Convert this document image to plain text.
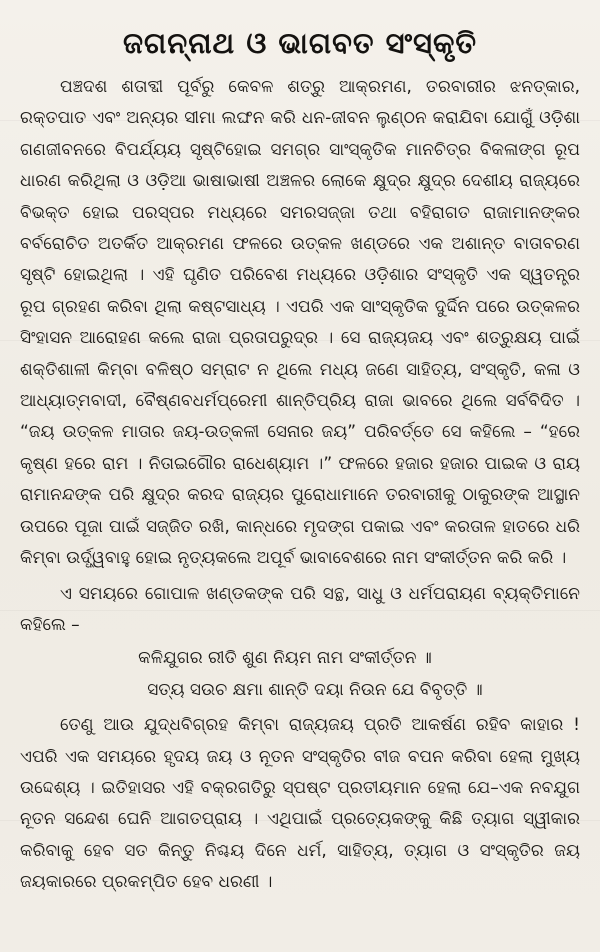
ଜଗନ୍ନାଥ ଓ ଭାଗବତ ସଂସ୍କୃତି

ପଞ୍ଚଦଶ ଶତାବ୍ଦୀ ପୂର୍ବରୁ କେବଳ ଶତ୍ରୁ ଆକ୍ରମଣ, ତରବାରୀର ଝନତ୍କାର, ରକ୍ତପାତ ଏବଂ ଅନ୍ୟର ସୀମା ଲଙ୍ଘନ କରି ଧନ-ଜୀବନ ଲୁଣ୍ଠନ କରାଯିବା ଯୋଗୁଁ ଓଡ଼ିଶା ଗଣଜୀବନରେ ବିପର୍ଯ୍ୟୟ ସୃଷ୍ଟିହୋଇ ସମଗ୍ର ସାଂସ୍କୃତିକ ମାନଚିତ୍ର ବିକଳାଙ୍ଗ ରୂପ ଧାରଣ କରିଥିଲା ଓ ଓଡ଼ିଆ ଭାଷାଭାଷୀ ଅଞ୍ଚଳର ଲୋକେ କ୍ଷୁଦ୍ର କ୍ଷୁଦ୍ର ଦେଶୀୟ ରାଜ୍ୟରେ ବିଭକ୍ତ ହୋଇ ପରସ୍ପର ମଧ୍ୟରେ ସମରସଜ୍ଜା ତଥା ବହିରାଗତ ରାଜାମାନଙ୍କର ବର୍ବରୋଚିତ ଅତର୍କିତ ଆକ୍ରମଣ ଫଳରେ ଉତ୍କଳ ଖଣ୍ଡରେ ଏକ ଅଶାନ୍ତ ବାତାବରଣ ସୃଷ୍ଟି ହୋଇଥିଲା । ଏହି ଘୃଣିତ ପରିବେଶ ମଧ୍ୟରେ ଓଡ଼ିଶାର ସଂସ୍କୃତି ଏକ ସ୍ୱତନ୍ତ୍ର ରୂପ ଗ୍ରହଣ କରିବା ଥିଲା କଷ୍ଟସାଧ୍ୟ । ଏପରି ଏକ ସାଂସ୍କୃତିକ ଦୁର୍ଦ୍ଦିନ ପରେ ଉତ୍କଳର ସିଂହାସନ ଆରୋହଣ କଲେ ରାଜା ପ୍ରତାପରୁଦ୍ର । ସେ ରାଜ୍ୟଜୟ ଏବଂ ଶତ୍ରୁକ୍ଷୟ ପାଇଁ ଶକ୍ତିଶାଳୀ କିମ୍ବା ବଳିଷ୍ଠ ସମ୍ରାଟ ନ ଥିଲେ ମଧ୍ୟ ଜଣେ ସାହିତ୍ୟ, ସଂସ୍କୃତି, କଳା ଓ ଆଧ୍ୟାତ୍ମବାଦୀ, ବୈଷ୍ଣବଧର୍ମପ୍ରେମୀ ଶାନ୍ତିପ୍ରିୟ ରାଜା ଭାବରେ ଥିଲେ ସର୍ବବିଦିତ । “ଜୟ ଉତ୍କଳ ମାତାର ଜୟ-ଉତ୍କଳୀ ସେନାର ଜୟ” ପରିବର୍ତ୍ତେ ସେ କହିଲେ – “ହରେ କୃଷ୍ଣ ହରେ ରାମ । ନିତାଇଗୌର ରାଧେଶ୍ୟାମ ।” ଫଳରେ ହଜାର ହଜାର ପାଇକ ଓ ରାୟ ରାମାନନ୍ଦଙ୍କ ପରି କ୍ଷୁଦ୍ର କରଦ ରାଜ୍ୟର ପୁରୋଧାମାନେ ତରବାରୀକୁ ଠାକୁରଙ୍କ ଆସ୍ଥାନ ଉପରେ ପୂଜା ପାଇଁ ସଜ୍ଜିତ ରଖି, କାନ୍ଧରେ ମୃଦଙ୍ଗ ପକାଇ ଏବଂ କରତାଳ ହାତରେ ଧରି କିମ୍ବା ଉର୍ଦ୍ଧ୍ୱବାହୁ ହୋଇ ନୃତ୍ୟକଲେ ଅପୂର୍ବ ଭାବାବେଶରେ ନାମ ସଂକୀର୍ତ୍ତନ କରି କରି ।

ଏ ସମୟରେ ଗୋପାଳ ଖଣ୍ଡକଙ୍କ ପରି ସନ୍ଥ, ସାଧୁ ଓ ଧର୍ମପରାୟଣ ବ୍ୟକ୍ତିମାନେ କହିଲେ –

କଳିଯୁଗର ରୀତି ଶୁଣ ନିୟମ ନାମ ସଂକୀର୍ତ୍ତନ ॥

ସତ୍ୟ ସଉଚ କ୍ଷମା ଶାନ୍ତି ଦୟା ନିଉନ ଯେ ବିବୃତ୍ତି ॥

ତେଣୁ ଆଉ ଯୁଦ୍ଧବିଗ୍ରହ କିମ୍ବା ରାଜ୍ୟଜୟ ପ୍ରତି ଆକର୍ଷଣ ରହିବ କାହାର ! ଏପରି ଏକ ସମୟରେ ହୃଦୟ ଜୟ ଓ ନୂତନ ସଂସ୍କୃତିର ବୀଜ ବପନ କରିବା ହେଲା ମୁଖ୍ୟ ଉଦ୍ଦେଶ୍ୟ । ଇତିହାସର ଏହି ବକ୍ରଗତିରୁ ସ୍ପଷ୍ଟ ପ୍ରତୀୟମାନ ହେଲା ଯେ–ଏକ ନବଯୁଗ ନୂତନ ସନ୍ଦେଶ ଘେନି ଆଗତପ୍ରାୟ । ଏଥିପାଇଁ ପ୍ରତ୍ୟେକଙ୍କୁ କିଛି ତ୍ୟାଗ ସ୍ୱୀକାର କରିବାକୁ ହେବ ସତ କିନ୍ତୁ ନିଶ୍ଚୟ ଦିନେ ଧର୍ମ, ସାହିତ୍ୟ, ତ୍ୟାଗ ଓ ସଂସ୍କୃତିର ଜୟ ଜୟକାରରେ ପ୍ରକମ୍ପିତ ହେବ ଧରଣୀ ।
